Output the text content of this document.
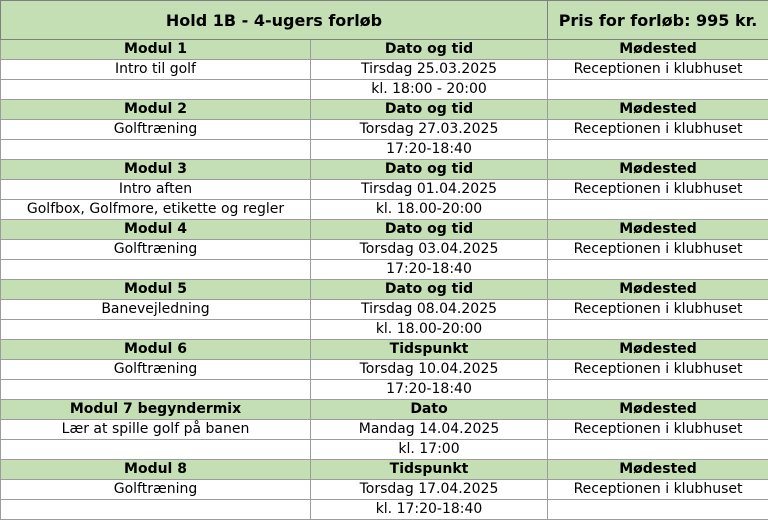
Hold 1B - 4-ugers forløb		Pris for forløb: 995 kr.
Modul 1	Dato og tid	Mødested
Intro til golf	Tirsdag 25.03.2025	Receptionen i klubhuset
	kl. 18:00 - 20:00	
Modul 2	Dato og tid	Mødested
Golftræning	Torsdag 27.03.2025	Receptionen i klubhuset
	17:20-18:40	
Modul 3	Dato og tid	Mødested
Intro aften	Tirsdag 01.04.2025	Receptionen i klubhuset
Golfbox, Golfmore, etikette og regler	kl. 18.00-20:00	
Modul 4	Dato og tid	Mødested
Golftræning	Torsdag 03.04.2025	Receptionen i klubhuset
	17:20-18:40	
Modul 5	Dato og tid	Mødested
Banevejledning	Tirsdag 08.04.2025	Receptionen i klubhuset
	kl. 18.00-20:00	
Modul 6	Tidspunkt	Mødested
Golftræning	Torsdag 10.04.2025	Receptionen i klubhuset
	17:20-18:40	
Modul 7 begyndermix	Dato	Mødested
Lær at spille golf på banen	Mandag 14.04.2025	Receptionen i klubhuset
	kl. 17:00	
Modul 8	Tidspunkt	Mødested
Golftræning	Torsdag 17.04.2025	Receptionen i klubhuset
	kl. 17:20-18:40	
